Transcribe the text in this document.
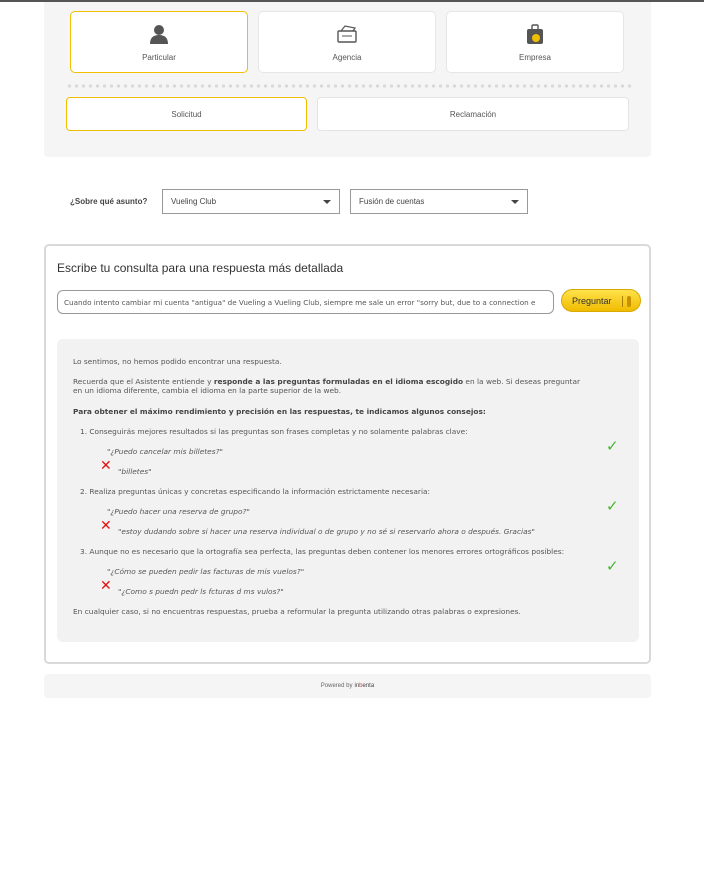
Particular	Agencia	Empresa
Solicitud	Reclamación
¿Sobre qué asunto?	Vueling Club	Fusión de cuentas
Escribe tu consulta para una respuesta más detallada
Cuando intento cambiar mi cuenta "antigua" de Vueling a Vueling Club, siempre me sale un error "sorry but, due to a connection e
Preguntar
Lo sentimos, no hemos podido encontrar una respuesta.
Recuerda que el Asistente entiende y responde a las preguntas formuladas en el idioma escogido en la web. Si deseas preguntar
en un idioma diferente, cambia el idioma en la parte superior de la web.
Para obtener el máximo rendimiento y precisión en las respuestas, te indicamos algunos consejos:
1. Conseguirás mejores resultados si las preguntas son frases completas y no solamente palabras clave:
"¿Puedo cancelar mis billetes?"	✓
✕ "billetes"
2. Realiza preguntas únicas y concretas especificando la información estrictamente necesaria:
"¿Puedo hacer una reserva de grupo?"	✓
✕ "estoy dudando sobre si hacer una reserva individual o de grupo y no sé si reservarlo ahora o después. Gracias"
3. Aunque no es necesario que la ortografía sea perfecta, las preguntas deben contener los menores errores ortográficos posibles:
"¿Cómo se pueden pedir las facturas de mis vuelos?"	✓
✕ "¿Como s puedn pedr ls fcturas d ms vulos?"
En cualquier caso, si no encuentras respuestas, prueba a reformular la pregunta utilizando otras palabras o expresiones.
Powered by inbenta
